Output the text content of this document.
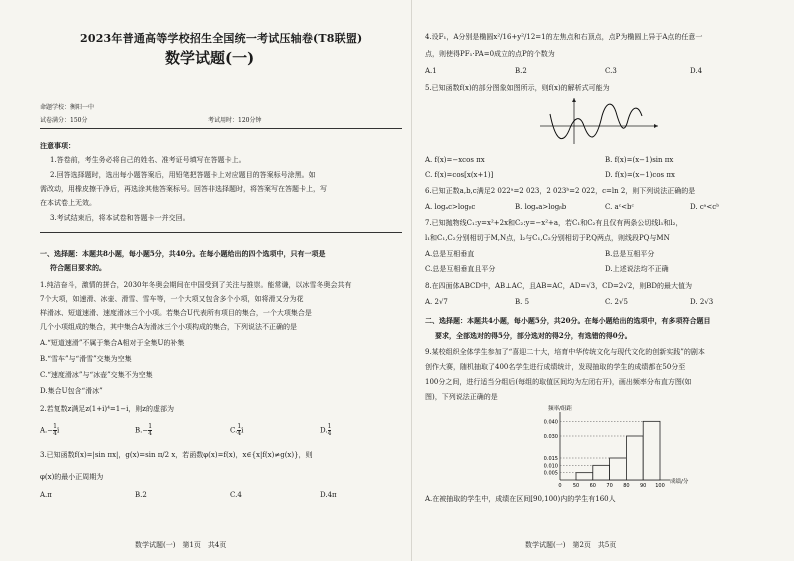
2023年普通高等学校招生全国统一考试压轴卷(T8联盟)
数学试题(一)
命题学校：衡阳一中
试卷满分：150分	考试用时：120分钟
注意事项：
1.答卷前，考生务必将自己的姓名、准考证号填写在答题卡上。
2.回答选择题时，选出每小题答案后，用铅笔把答题卡上对应题目的答案标号涂黑。如
需改动，用橡皮擦干净后，再选涂其他答案标号。回答非选择题时，将答案写在答题卡上，写
在本试卷上无效。
3.考试结束后，将本试卷和答题卡一并交回。
一、选择题：本题共8小题，每小题5分，共40分。在每小题给出的四个选项中，只有一项是
符合题目要求的。
1.纯洁奋斗，激情的拼合，2030年冬奥会期间在中国受到了关注与推崇。能常谦，以冰雪冬奥会共有
7个大项，如速滑、冰壶、滑雪、雪车等，一个大项又包含多个小项，如将滑又分为花
样滑冰、短道速滑、速度滑冰三个小项。若集合U代表所有项目的集合，一个大项集合是
几个小项组成的集合，其中集合A为滑冰三个小项构成的集合，下列说法不正确的是
A.“短道速滑”不属于集合A相对于全集U的补集
B.“雪车”与“滑雪”交集为空集
C.“速度滑冰”与“冰壶”交集不为空集
D.集合U包含“滑冰”
2.若复数z满足z(1+i)⁴=1−i，则z的虚部为
$A.- \frac{1}{4}$ i	$B.- \frac{1}{4}$	C. $\frac{1}{4}$ i	D. $\frac{1}{4}$
3.已知函数f(x)=|sin πx|，g(x)=sin π/2 x，若函数φ(x)=f(x)，x∈{x|f(x)≠g(x)}，则
φ(x)的最小正周期为
A.π	B.2	C.4	D.4π
数学试题(一)　第1页　共4页
4.设F₁，A分别是椭圆x²/16+y²/12=1的左焦点和右顶点，点P为椭圆上异于A点的任意一
点，则使得PF₁·PA=0成立的点P的个数为
A.1	B.2	C.3	D.4
5.已知函数f(x)的部分图象如图所示，则f(x)的解析式可能为
A. f(x)=−xcos πx	B. f(x)=(x−1)sin πx
C. f(x)=cos[x(x+1)]	D. f(x)=(x−1)cos πx
6.已知正数a,b,c满足2 022ᵃ=2 023，2 023ᵇ=2 022，c=ln 2，则下列说法正确的是
A. logₐc>logᵦc	B. logₐa>logᵦb	C. aᶜ<bᶜ	D. cᵃ<cᵇ
7.已知抛物线C₁:y=x²+2x和C₂:y=−x²+a，若C₁和C₂有且仅有两条公切线l₁和l₂，
l₁和C₁,C₂分别相切于M,N点，l₂与C₁,C₂分别相切于P,Q两点，则线段PQ与MN
A.总是互相垂直	B.总是互相平分
C.总是互相垂直且平分	D.上述说法均不正确
8.在四面体ABCD中，AB⊥AC，且AB=AC，AD=√3，CD=2√2，则BD的最大值为
A. 2√7	B. 5	C. 2√5	D. 2√3
二、选择题：本题共4小题，每小题5分，共20分。在每小题给出的选项中，有多项符合题目
要求，全部选对的得5分，部分选对的得2分，有选错的得0分。
9.某校组织全体学生参加了“喜迎二十大，培育中华传统文化与现代文化的创新实践”的剧本
创作大赛，随机抽取了400名学生进行成绩统计，发现抽取的学生的成绩都在50分至
100分之间，进行适当分组后(每组的取值区间均为左闭右开)，画出频率分布直方图(如
图)，下列说法正确的是
频率/组距
成绩/分
0.040
0.030
0.015
0.010
0.005
0 50 60 70 80 90 100
A.在被抽取的学生中，成绩在区间[90,100)内的学生有160人
数学试题(一)　第2页　共5页
